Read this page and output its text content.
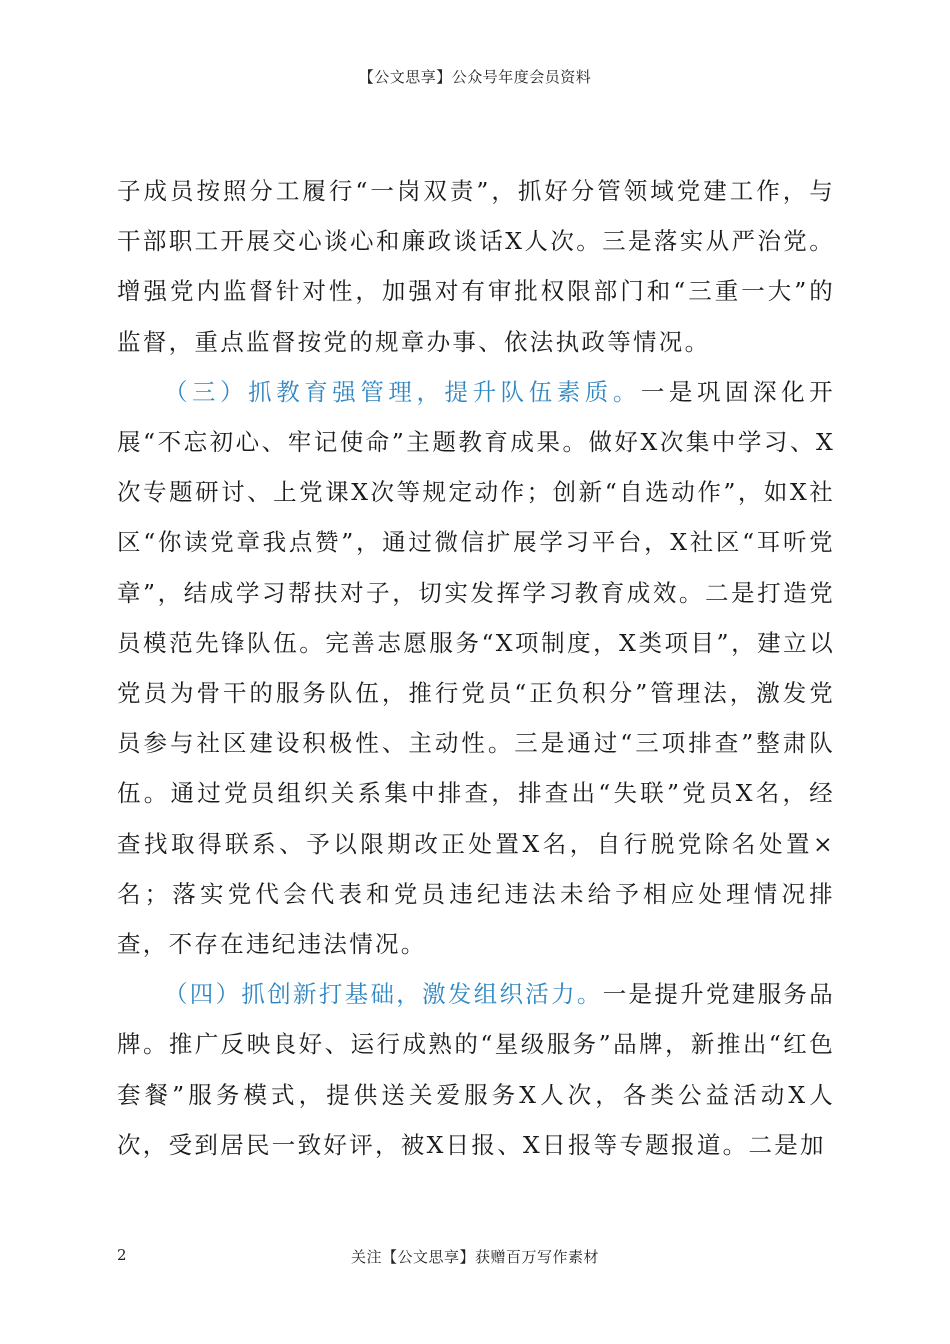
【公文思享】公众号年度会员资料

子成员按照分工履行“一岗双责”，抓好分管领域党建工作，与干部职工开展交心谈心和廉政谈话X人次。三是落实从严治党。增强党内监督针对性，加强对有审批权限部门和“三重一大”的监督，重点监督按党的规章办事、依法执政等情况。

（三）抓教育强管理，提升队伍素质。一是巩固深化开展“不忘初心、牢记使命”主题教育成果。做好X次集中学习、X次专题研讨、上党课X次等规定动作；创新“自选动作”，如X社区“你读党章我点赞”，通过微信扩展学习平台，X社区“耳听党章”，结成学习帮扶对子，切实发挥学习教育成效。二是打造党员模范先锋队伍。完善志愿服务“X项制度，X类项目”，建立以党员为骨干的服务队伍，推行党员“正负积分”管理法，激发党员参与社区建设积极性、主动性。三是通过“三项排查”整肃队伍。通过党员组织关系集中排查，排查出“失联”党员X名，经查找取得联系、予以限期改正处置X名，自行脱党除名处置×名；落实党代会代表和党员违纪违法未给予相应处理情况排查，不存在违纪违法情况。

（四）抓创新打基础，激发组织活力。一是提升党建服务品牌。推广反映良好、运行成熟的“星级服务”品牌，新推出“红色套餐”服务模式，提供送关爱服务X人次，各类公益活动X人次，受到居民一致好评，被X日报、X日报等专题报道。二是加

2	关注【公文思享】获赠百万写作素材
